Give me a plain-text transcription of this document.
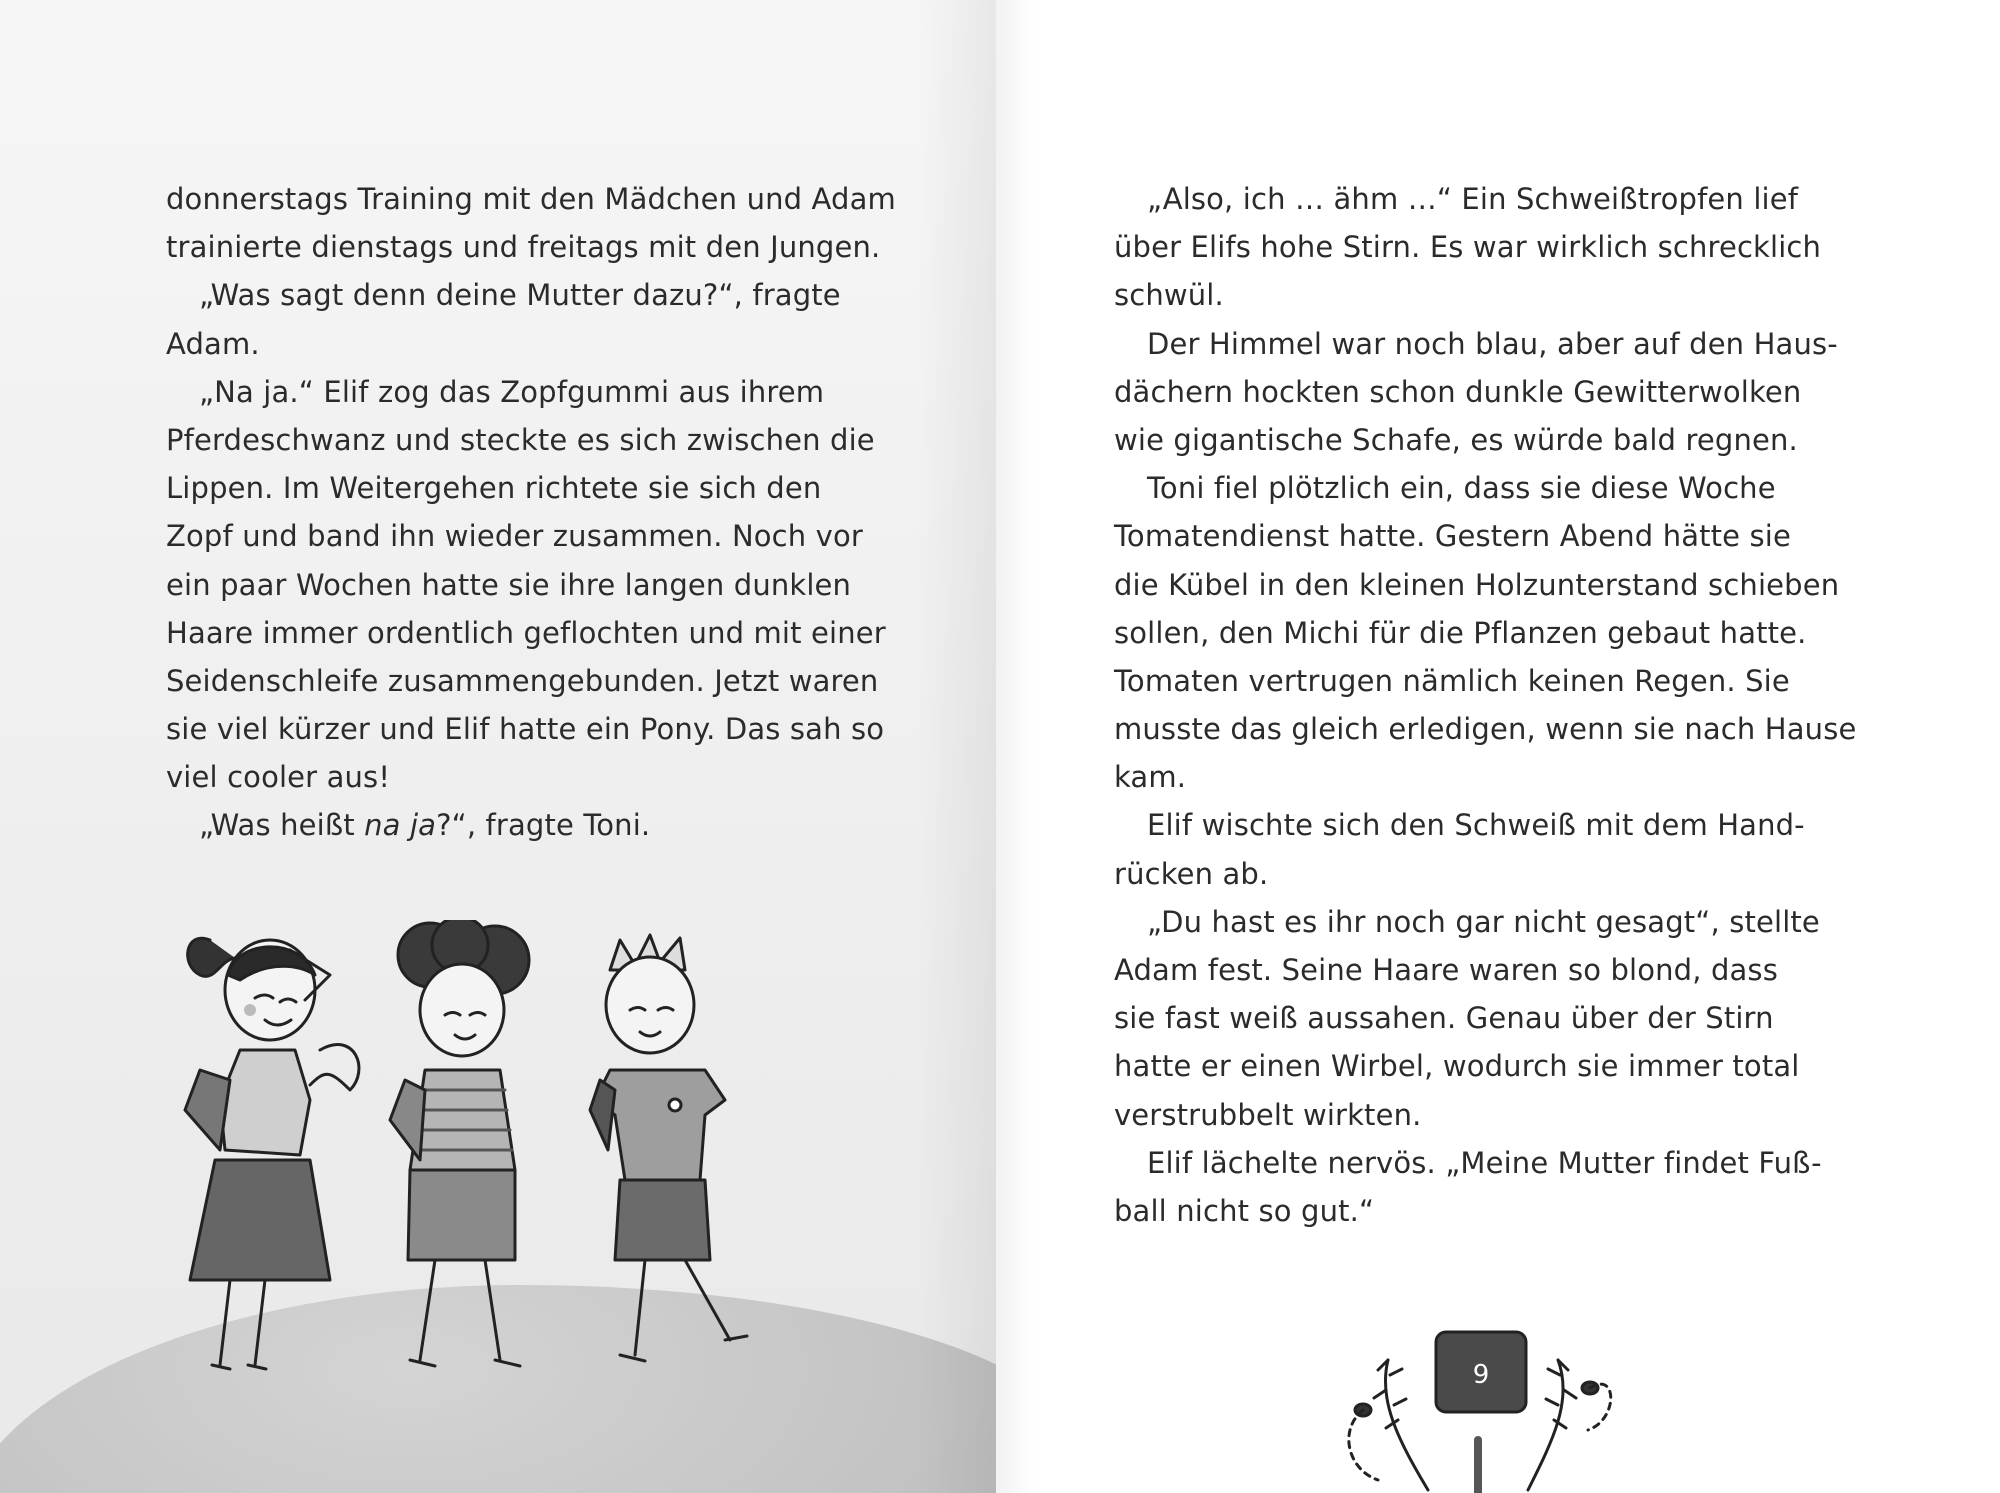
donnerstags Training mit den Mädchen und Adam
trainierte dienstags und freitags mit den Jungen.
„Was sagt denn deine Mutter dazu?“, fragte
Adam.
„Na ja.“ Elif zog das Zopfgummi aus ihrem
Pferdeschwanz und steckte es sich zwischen die
Lippen. Im Weitergehen richtete sie sich den
Zopf und band ihn wieder zusammen. Noch vor
ein paar Wochen hatte sie ihre langen dunklen
Haare immer ordentlich geflochten und mit einer
Seidenschleife zusammengebunden. Jetzt waren
sie viel kürzer und Elif hatte ein Pony. Das sah so
viel cooler aus!
„Was heißt na ja?“, fragte Toni.
„Also, ich … ähm …“ Ein Schweißtropfen lief
über Elifs hohe Stirn. Es war wirklich schrecklich
schwül.
Der Himmel war noch blau, aber auf den Haus-
dächern hockten schon dunkle Gewitterwolken
wie gigantische Schafe, es würde bald regnen.
Toni fiel plötzlich ein, dass sie diese Woche
Tomatendienst hatte. Gestern Abend hätte sie
die Kübel in den kleinen Holzunterstand schieben
sollen, den Michi für die Pflanzen gebaut hatte.
Tomaten vertrugen nämlich keinen Regen. Sie
musste das gleich erledigen, wenn sie nach Hause
kam.
Elif wischte sich den Schweiß mit dem Hand-
rücken ab.
„Du hast es ihr noch gar nicht gesagt“, stellte
Adam fest. Seine Haare waren so blond, dass
sie fast weiß aussahen. Genau über der Stirn
hatte er einen Wirbel, wodurch sie immer total
verstrubbelt wirkten.
Elif lächelte nervös. „Meine Mutter findet Fuß-
ball nicht so gut.“
9
